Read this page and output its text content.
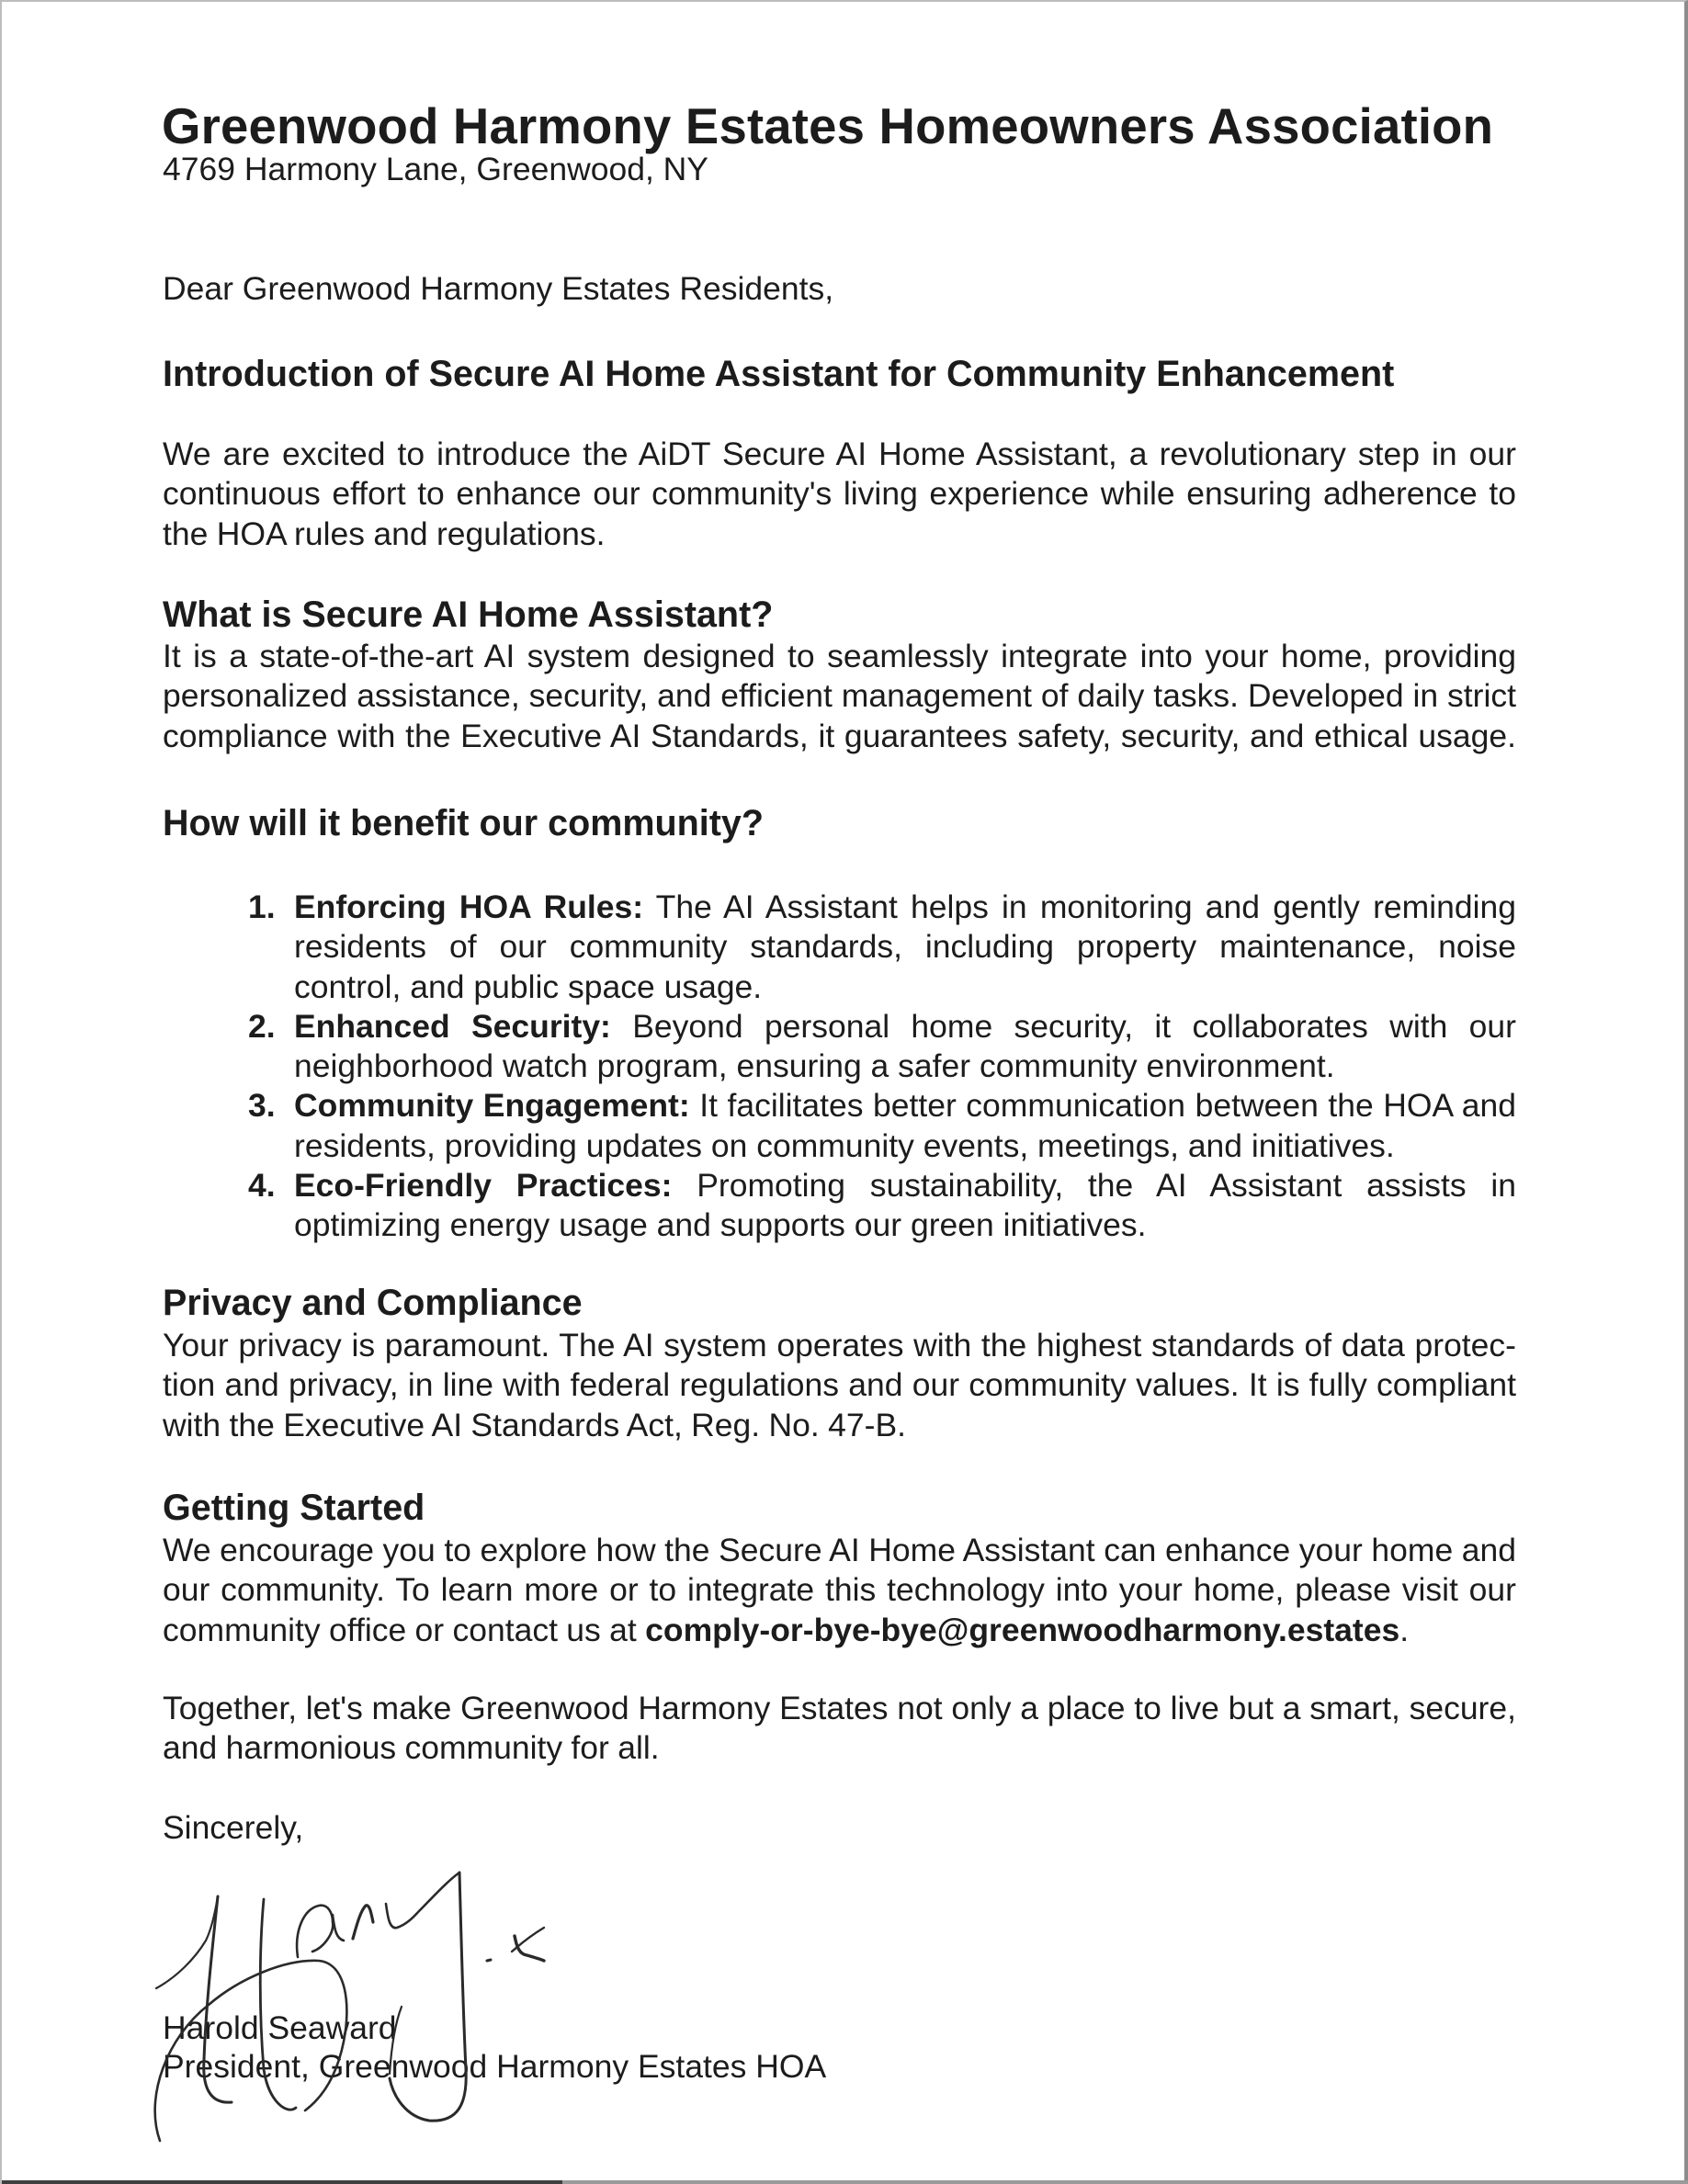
Greenwood Harmony Estates Homeowners Association
4769 Harmony Lane, Greenwood, NY
Dear Greenwood Harmony Estates Residents,
Introduction of Secure AI Home Assistant for Community Enhancement
We are excited to introduce the AiDT Secure AI Home Assistant, a revolutionary step in our
continuous effort to enhance our community's living experience while ensuring adherence to
the HOA rules and regulations.
What is Secure AI Home Assistant?
It is a state-of-the-art AI system designed to seamlessly integrate into your home, providing
personalized assistance, security, and efficient management of daily tasks. Developed in strict
compliance with the Executive AI Standards, it guarantees safety, security, and ethical usage.
How will it benefit our community?
1. Enforcing HOA Rules: The AI Assistant helps in monitoring and gently reminding residents of our community standards, including property maintenance, noise control, and public space usage.
2. Enhanced Security: Beyond personal home security, it collaborates with our neighborhood watch program, ensuring a safer community environment.
3. Community Engagement: It facilitates better communication between the HOA and residents, providing updates on community events, meetings, and initiatives.
4. Eco-Friendly Practices: Promoting sustainability, the AI Assistant assists in optimizing energy usage and supports our green initiatives.
Privacy and Compliance
Your privacy is paramount. The AI system operates with the highest standards of data protec-
tion and privacy, in line with federal regulations and our community values. It is fully compliant
with the Executive AI Standards Act, Reg. No. 47-B.
Getting Started
We encourage you to explore how the Secure AI Home Assistant can enhance your home and
our community. To learn more or to integrate this technology into your home, please visit our
community office or contact us at comply-or-bye-bye@greenwoodharmony.estates.
Together, let's make Greenwood Harmony Estates not only a place to live but a smart, secure,
and harmonious community for all.
Sincerely,
Harold Seaward
President, Greenwood Harmony Estates HOA
